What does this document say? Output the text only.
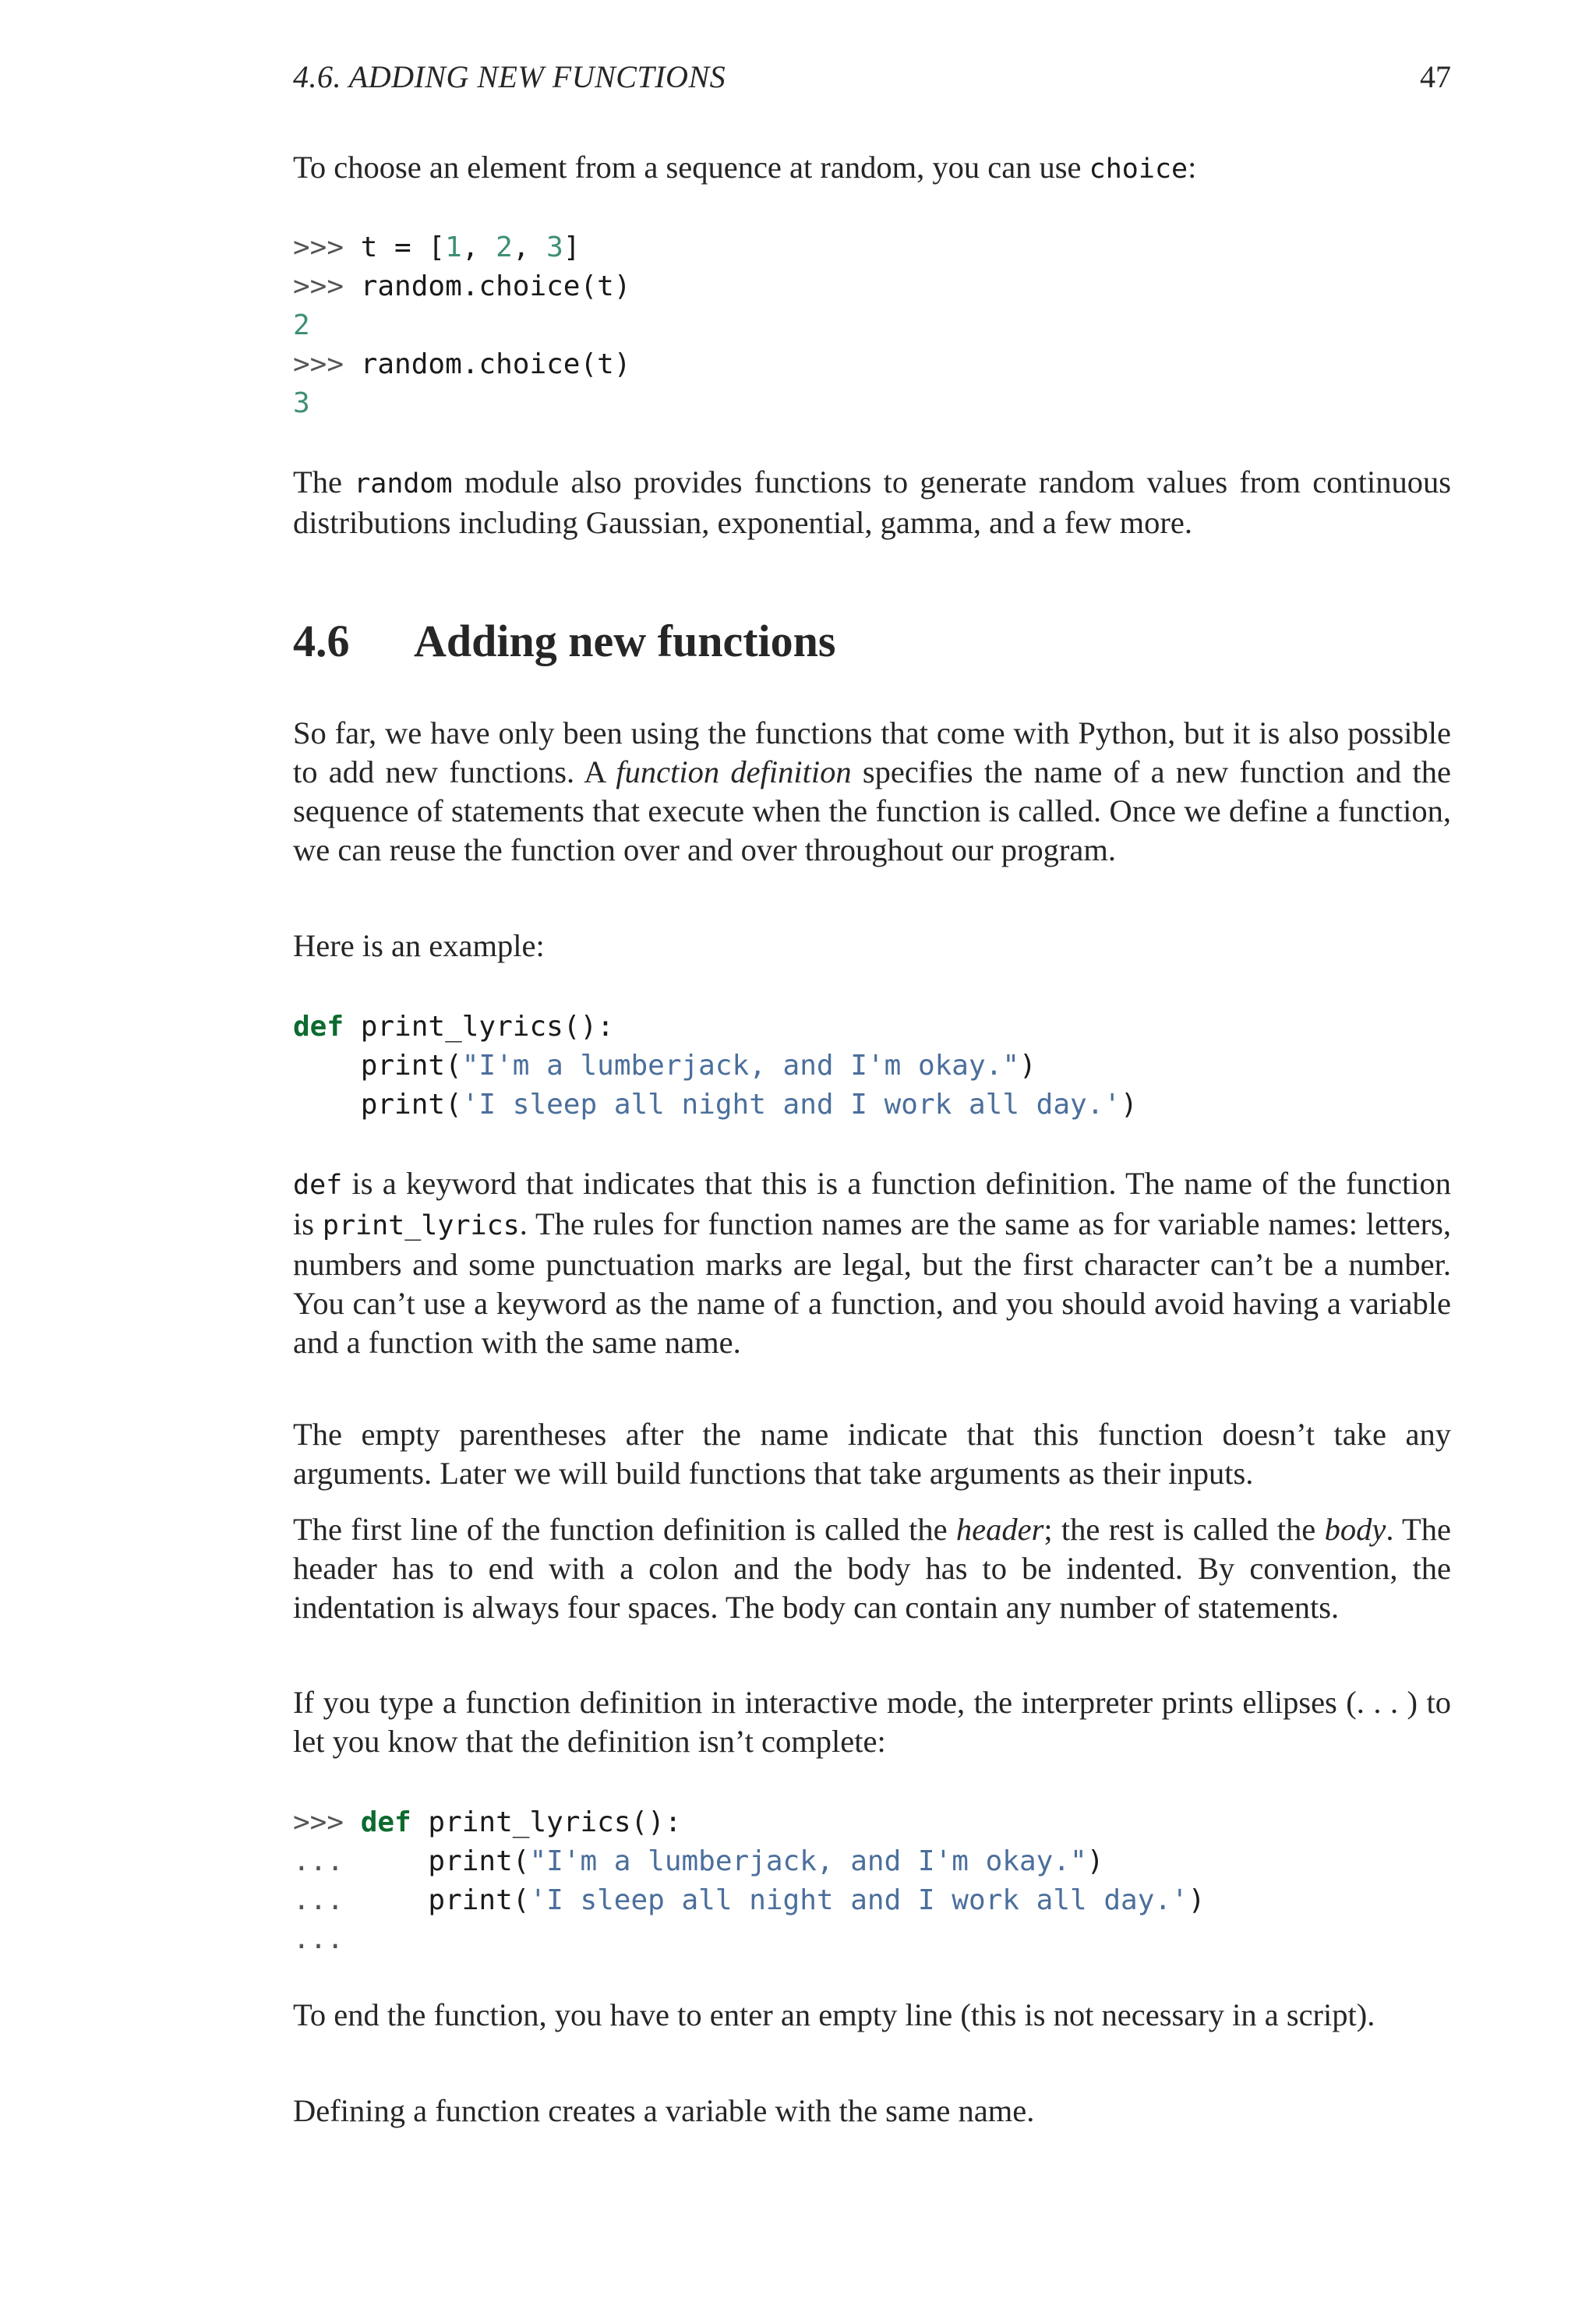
4.6. ADDING NEW FUNCTIONS	47

To choose an element from a sequence at random, you can use choice:

>>> t = [1, 2, 3]
>>> random.choice(t)
2
>>> random.choice(t)
3

The random module also provides functions to generate random values from continuous distributions including Gaussian, exponential, gamma, and a few more.

4.6 Adding new functions

So far, we have only been using the functions that come with Python, but it is also possible to add new functions. A function definition specifies the name of a new function and the sequence of statements that execute when the function is called. Once we define a function, we can reuse the function over and over throughout our program.

Here is an example:

def print_lyrics():
print("I'm a lumberjack, and I'm okay.")
print('I sleep all night and I work all day.')

def is a keyword that indicates that this is a function definition. The name of the function is print_lyrics. The rules for function names are the same as for variable names: letters, numbers and some punctuation marks are legal, but the first character can’t be a number. You can’t use a keyword as the name of a function, and you should avoid having a variable and a function with the same name.

The empty parentheses after the name indicate that this function doesn’t take any arguments. Later we will build functions that take arguments as their inputs.

The first line of the function definition is called the header; the rest is called the body. The header has to end with a colon and the body has to be indented. By convention, the indentation is always four spaces. The body can contain any number of statements.

If you type a function definition in interactive mode, the interpreter prints ellipses (. . . ) to let you know that the definition isn’t complete:

>>> def print_lyrics():
...     print("I'm a lumberjack, and I'm okay.")
...     print('I sleep all night and I work all day.')
...

To end the function, you have to enter an empty line (this is not necessary in a script).

Defining a function creates a variable with the same name.
